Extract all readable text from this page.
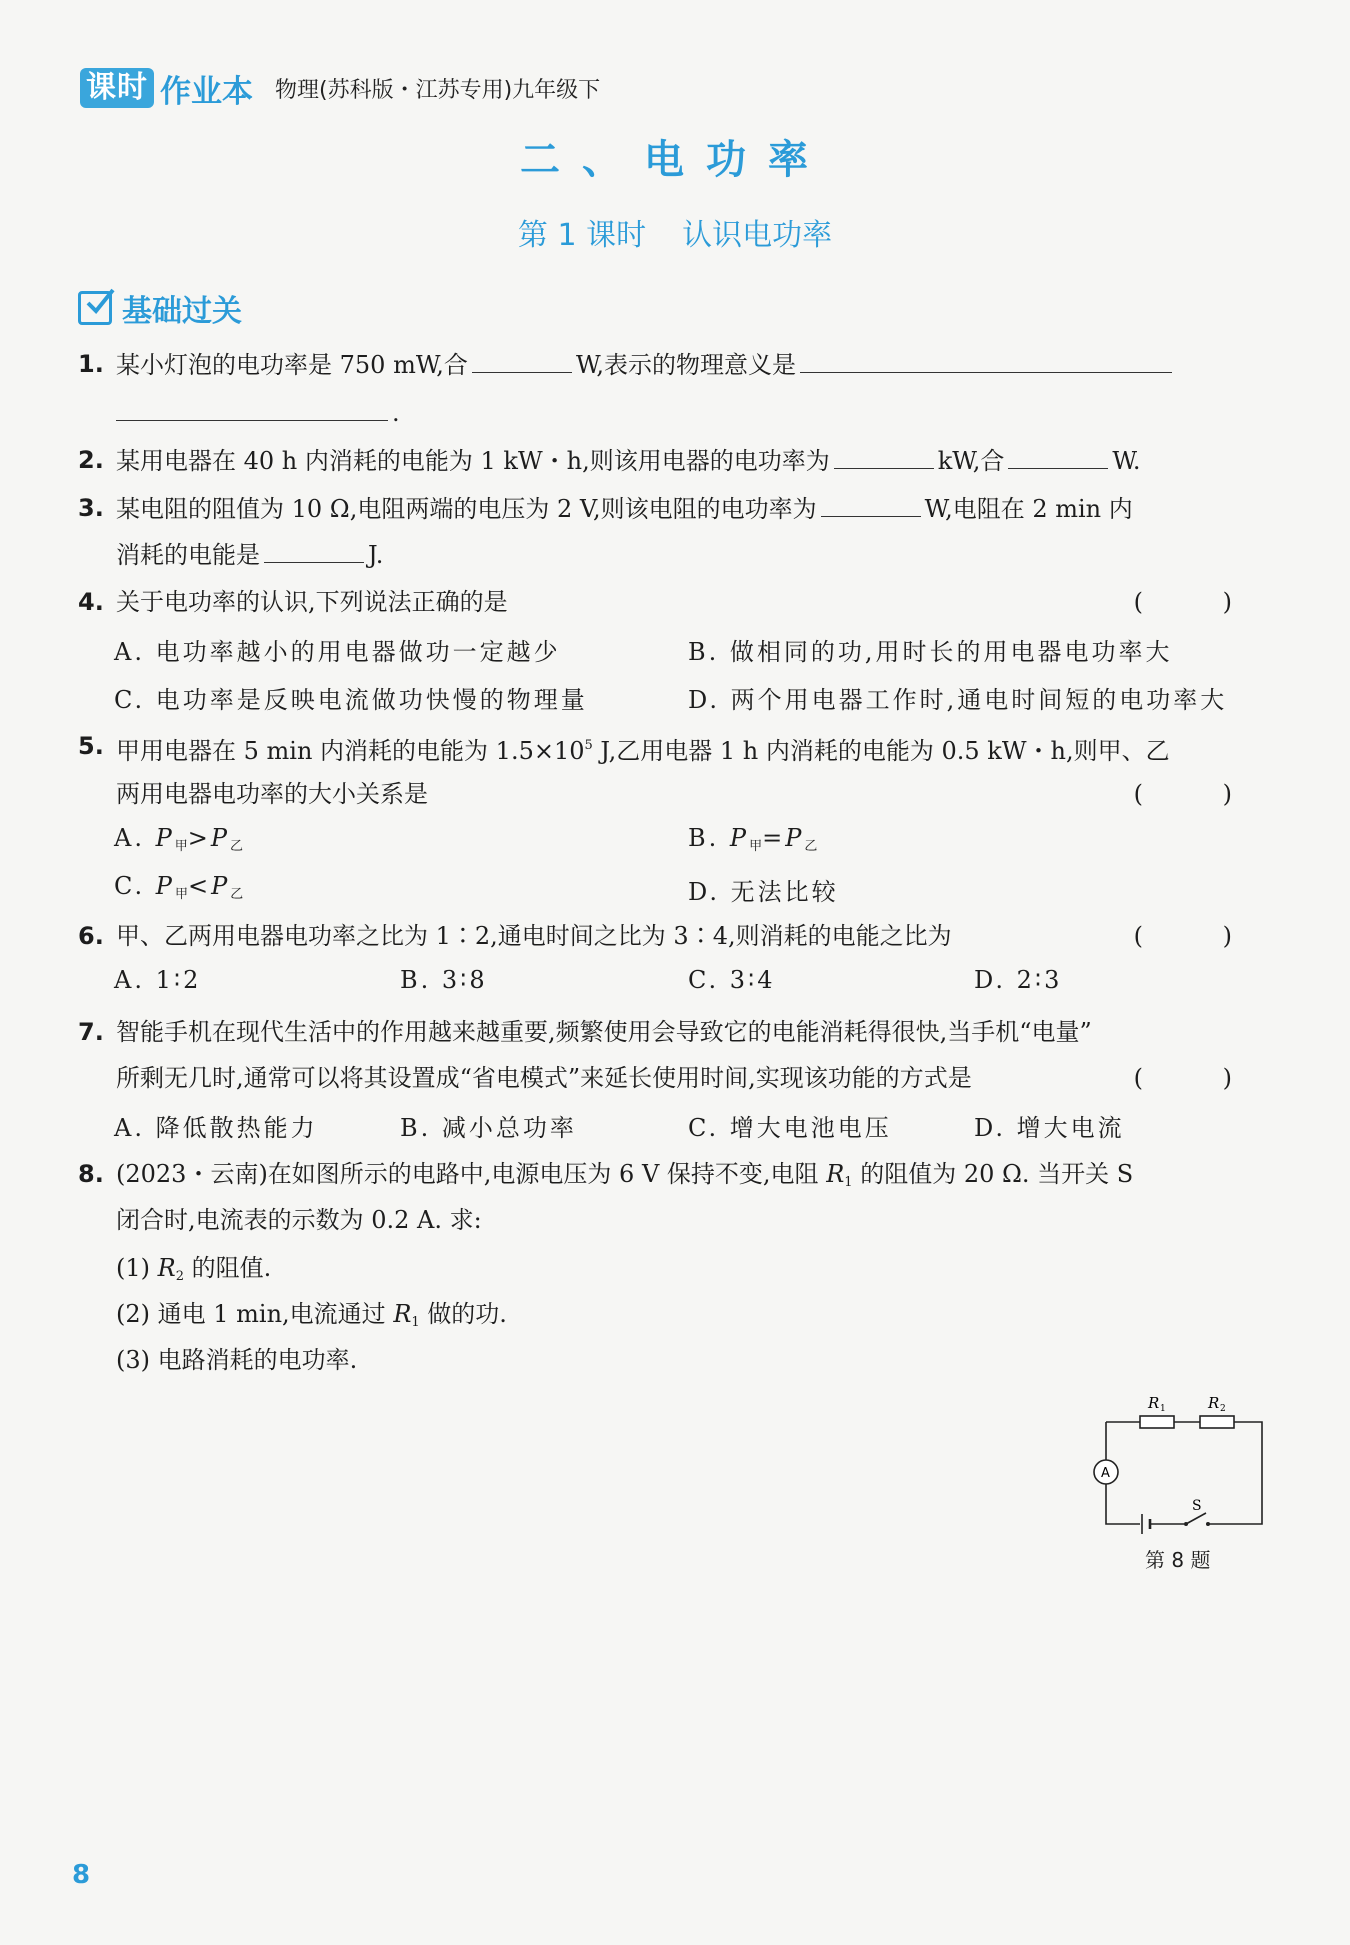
课时 作业本 物理(苏科版・江苏专用)九年级下
二、电功率
第 1 课时 认识电功率
基础过关
1. 某小灯泡的电功率是 750 mW,合	W,表示的物理意义是
.
2. 某用电器在 40 h 内消耗的电能为 1 kW・h,则该用电器的电功率为	kW,合	W.
3. 某电阻的阻值为 10 Ω,电阻两端的电压为 2 V,则该电阻的电功率为	W,电阻在 2 min 内
消耗的电能是	J.
4. 关于电功率的认识,下列说法正确的是	( )
A. 电功率越小的用电器做功一定越少	B. 做相同的功,用时长的用电器电功率大
C. 电功率是反映电流做功快慢的物理量	D. 两个用电器工作时,通电时间短的电功率大
5. 甲用电器在 5 min 内消耗的电能为 $1.5\times 10^5$ J,乙用电器 1 h 内消耗的电能为 0.5 kW・h,则甲、乙
两用电器电功率的大小关系是	( )
A. $P_甲>P_乙$	B. $P_甲=P_乙$
C. $P_甲<P_乙$	D. 无法比较
6. 甲、乙两用电器电功率之比为 1∶2,通电时间之比为 3∶4,则消耗的电能之比为	( )
A. 1∶2	B. 3∶8	C. 3∶4	D. 2∶3
7. 智能手机在现代生活中的作用越来越重要,频繁使用会导致它的电能消耗得很快,当手机“电量”
所剩无几时,通常可以将其设置成“省电模式”来延长使用时间,实现该功能的方式是	( )
A. 降低散热能力	B. 减小总功率	C. 增大电池电压	D. 增大电流
8. (2023・云南)在如图所示的电路中,电源电压为 6 V 保持不变,电阻 $R_1$ 的阻值为 20 Ω. 当开关 S
闭合时,电流表的示数为 0.2 A. 求:
(1) $R_2$ 的阻值.
(2) 通电 1 min,电流通过 $R_1$ 做的功.
(3) 电路消耗的电功率.
R 1	R 2
A
S
第 8 题
8
